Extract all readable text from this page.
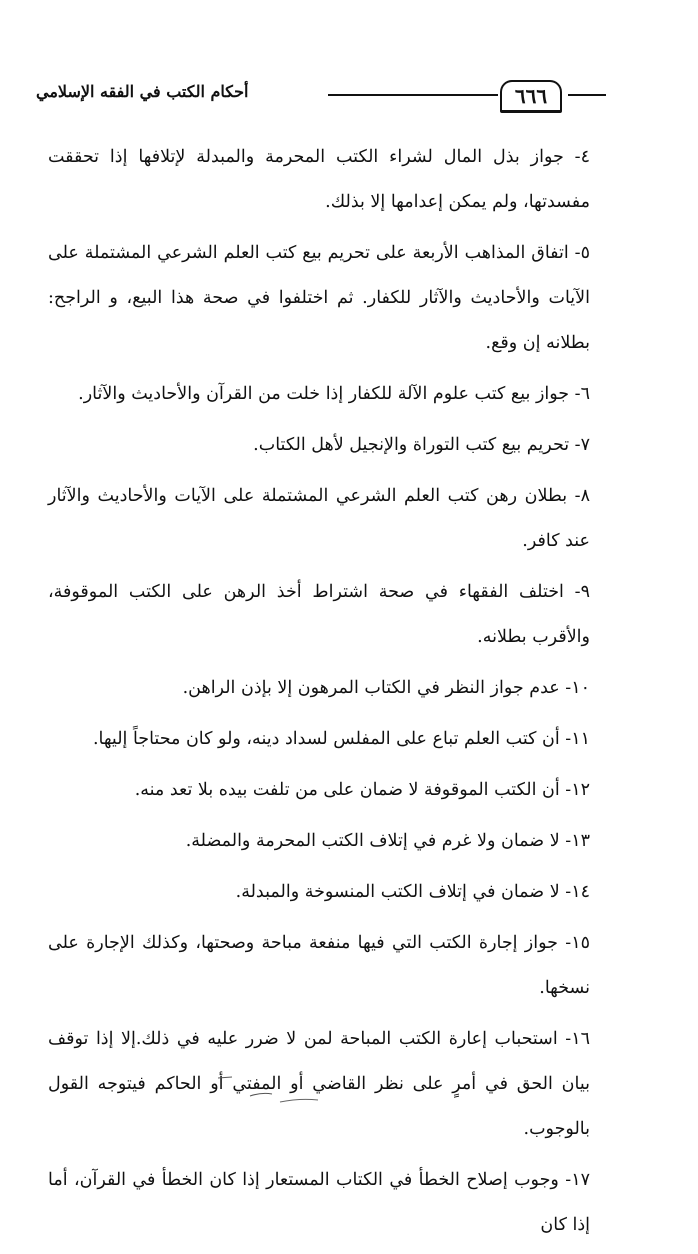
٦٦٦
أحكام الكتب في الفقه الإسلامي

٤- جواز بذل المال لشراء الكتب المحرمة والمبدلة لإتلافها إذا تحققت مفسدتها، ولم يمكن إعدامها إلا بذلك.

٥- اتفاق المذاهب الأربعة على تحريم بيع كتب العلم الشرعي المشتملة على الآيات والأحاديث والآثار للكفار. ثم اختلفوا في صحة هذا البيع، و الراجح: بطلانه إن وقع.

٦- جواز بيع كتب علوم الآلة للكفار إذا خلت من القرآن والأحاديث والآثار.

٧- تحريم بيع كتب التوراة والإنجيل لأهل الكتاب.

٨- بطلان رهن كتب العلم الشرعي المشتملة على الآيات والأحاديث والآثار عند كافر.

٩- اختلف الفقهاء في صحة اشتراط أخذ الرهن على الكتب الموقوفة، والأقرب بطلانه.

١٠- عدم جواز النظر في الكتاب المرهون إلا بإذن الراهن.

١١- أن كتب العلم تباع على المفلس لسداد دينه، ولو كان محتاجاً إليها.

١٢- أن الكتب الموقوفة لا ضمان على من تلفت بيده بلا تعد منه.

١٣- لا ضمان ولا غرم في إتلاف الكتب المحرمة والمضلة.

١٤- لا ضمان في إتلاف الكتب المنسوخة والمبدلة.

١٥- جواز إجارة الكتب التي فيها منفعة مباحة وصحتها، وكذلك الإجارة على نسخها.

١٦- استحباب إعارة الكتب المباحة لمن لا ضرر عليه في ذلك.إلا إذا توقف بيان الحق في أمرٍ على نظر القاضي أو المفتي أو الحاكم فيتوجه القول بالوجوب.

١٧- وجوب إصلاح الخطأ في الكتاب المستعار إذا كان الخطأ في القرآن، أما إذا كان
